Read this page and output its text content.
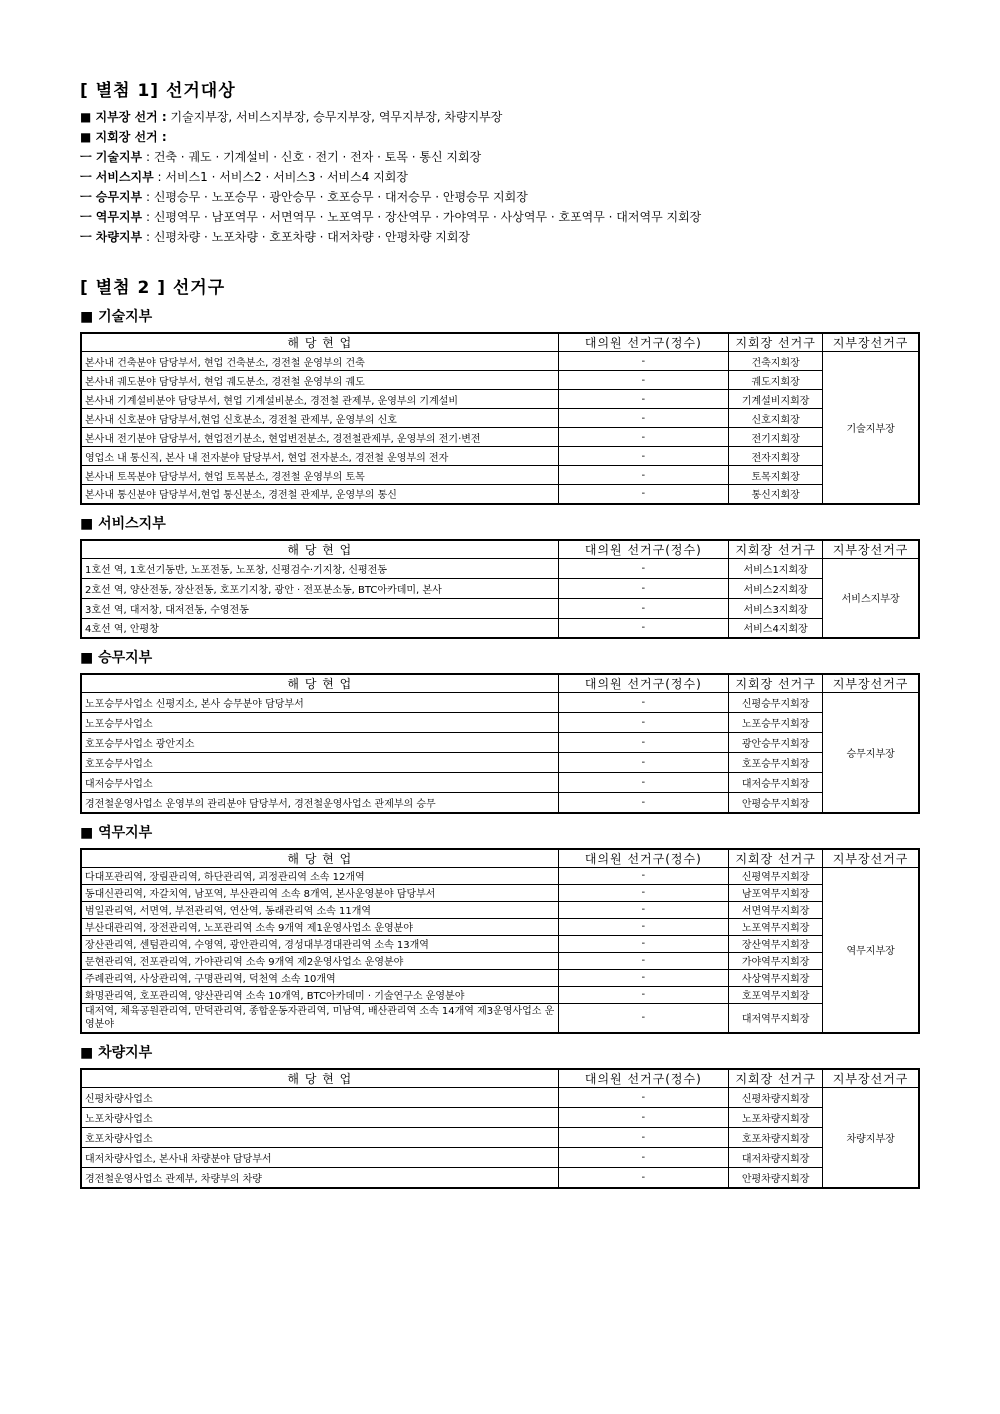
[ 별첨 1] 선거대상
■ 지부장 선거 : 기술지부장, 서비스지부장, 승무지부장, 역무지부장, 차량지부장
■ 지회장 선거 :
ㅡ 기술지부 : 건축 · 궤도 · 기계설비 · 신호 · 전기 · 전자 · 토목 · 통신 지회장
ㅡ 서비스지부 : 서비스1 · 서비스2 · 서비스3 · 서비스4 지회장
ㅡ 승무지부 : 신평승무 · 노포승무 · 광안승무 · 호포승무 · 대저승무 · 안평승무 지회장
ㅡ 역무지부 : 신평역무 · 남포역무 · 서면역무 · 노포역무 · 장산역무 · 가야역무 · 사상역무 · 호포역무 · 대저역무 지회장
ㅡ 차량지부 : 신평차량 · 노포차량 · 호포차량 · 대저차량 · 안평차량 지회장
[ 별첨 2 ] 선거구
■ 기술지부
해 당 현 업	대의원 선거구(정수)	지회장 선거구	지부장선거구
본사내 건축분야 담당부서, 현업 건축분소, 경전철 운영부의 건축	-	건축지회장	기술지부장
본사내 궤도분야 담당부서, 현업 궤도분소, 경전철 운영부의 궤도	-	궤도지회장	
본사내 기계설비분야 담당부서, 현업 기계설비분소, 경전철 관제부, 운영부의 기계설비	-	기계설비지회장	
본사내 신호분야 담당부서,현업 신호분소, 경전철 관제부, 운영부의 신호	-	신호지회장	
본사내 전기분야 담당부서, 현업전기분소, 현업변전분소, 경전철관제부, 운영부의 전기·변전	-	전기지회장	
영업소 내 통신직, 본사 내 전자분야 담당부서, 현업 전자분소, 경전철 운영부의 전자	-	전자지회장	
본사내 토목분야 담당부서, 현업 토목분소, 경전철 운영부의 토목	-	토목지회장	
본사내 통신분야 담당부서,현업 통신분소, 경전철 관제부, 운영부의 통신	-	통신지회장	
■ 서비스지부
해 당 현 업	대의원 선거구(정수)	지회장 선거구	지부장선거구
1호선 역, 1호선기동반, 노포전동, 노포창, 신평검수·기지창, 신평전동	-	서비스1지회장	서비스지부장
2호선 역, 양산전동, 장산전동, 호포기지창, 광안 · 전포분소동, BTC아카데미, 본사	-	서비스2지회장	
3호선 역, 대저창, 대저전동, 수영전동	-	서비스3지회장	
4호선 역, 안평창	-	서비스4지회장	
■ 승무지부
해 당 현 업	대의원 선거구(정수)	지회장 선거구	지부장선거구
노포승무사업소 신평지소, 본사 승무분야 담당부서	-	신평승무지회장	승무지부장
노포승무사업소	-	노포승무지회장	
호포승무사업소 광안지소	-	광안승무지회장	
호포승무사업소	-	호포승무지회장	
대저승무사업소	-	대저승무지회장	
경전철운영사업소 운영부의 관리분야 담당부서, 경전철운영사업소 관제부의 승무	-	안평승무지회장	
■ 역무지부
해 당 현 업	대의원 선거구(정수)	지회장 선거구	지부장선거구
다대포관리역, 장림관리역, 하단관리역, 괴정관리역 소속 12개역	-	신평역무지회장	역무지부장
동대신관리역, 자갈치역, 남포역, 부산관리역 소속 8개역, 본사운영분야 담당부서	-	남포역무지회장	
범일관리역, 서면역, 부전관리역, 연산역, 동래관리역 소속 11개역	-	서면역무지회장	
부산대관리역, 장전관리역, 노포관리역 소속 9개역 제1운영사업소 운영분야	-	노포역무지회장	
장산관리역, 센텀관리역, 수영역, 광안관리역, 경성대부경대관리역 소속 13개역	-	장산역무지회장	
문현관리역, 전포관리역, 가야관리역 소속 9개역 제2운영사업소 운영분야	-	가야역무지회장	
주례관리역, 사상관리역, 구명관리역, 덕천역 소속 10개역	-	사상역무지회장	
화명관리역, 호포관리역, 양산관리역 소속 10개역, BTC아카데미 · 기술연구소 운영분야	-	호포역무지회장	
대저역, 체육공원관리역, 만덕관리역, 종합운동자관리역, 미남역, 배산관리역 소속 14개역 제3운영사업소 운영분야	-	대저역무지회장	
■ 차량지부
해 당 현 업	대의원 선거구(정수)	지회장 선거구	지부장선거구
신평차량사업소	-	신평차량지회장	차량지부장
노포차량사업소	-	노포차량지회장	
호포차량사업소	-	호포차량지회장	
대저차량사업소, 본사내 차량분야 담당부서	-	대저차량지회장	
경전철운영사업소 관제부, 차량부의 차량	-	안평차량지회장	
